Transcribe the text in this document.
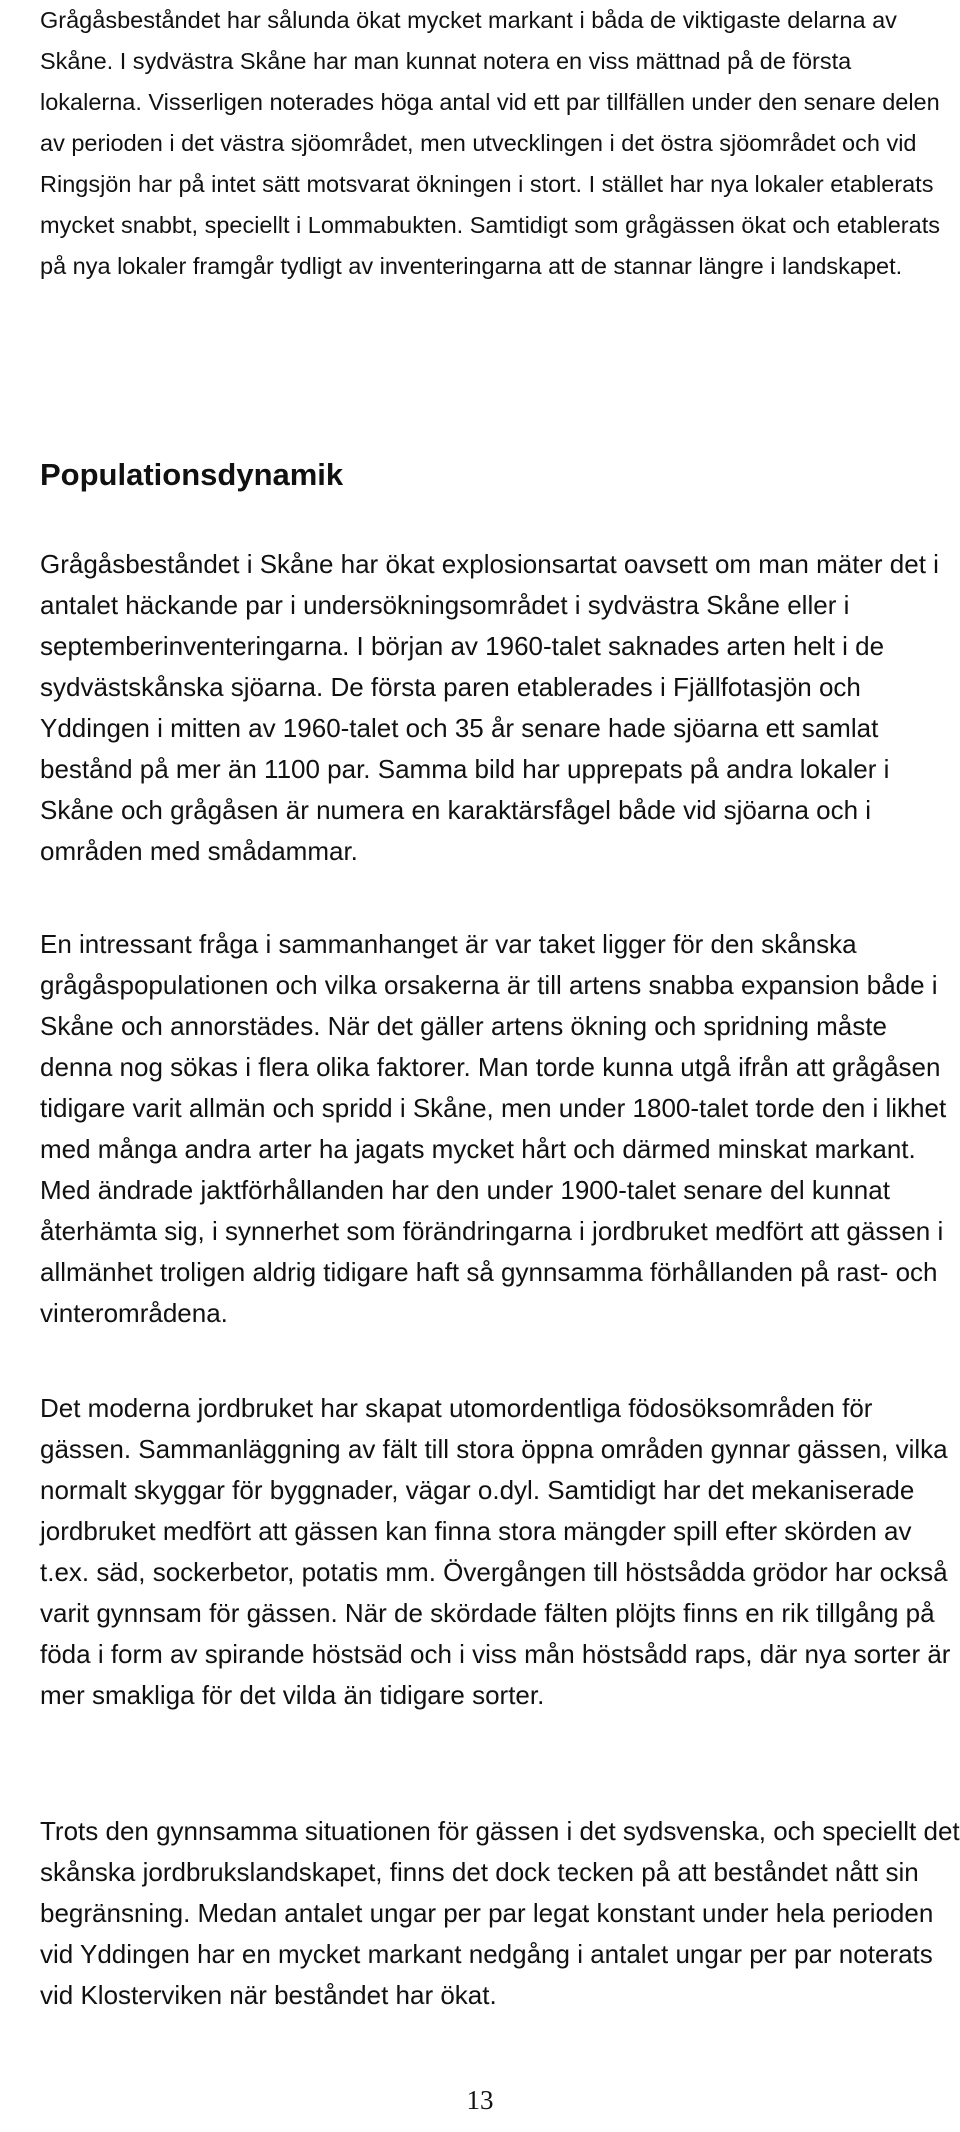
Grågåsbeståndet har sålunda ökat mycket markant i båda de viktigaste delarna av Skåne. I sydvästra Skåne har man kunnat notera en viss mättnad på de första lokalerna. Visserligen noterades höga antal vid ett par tillfällen under den senare delen av perioden i det västra sjöområdet, men utvecklingen i det östra sjöområdet och vid Ringsjön har på intet sätt motsvarat ökningen i stort. I stället har nya lokaler etablerats mycket snabbt, speciellt i Lommabukten. Samtidigt som grågässen ökat och etablerats på nya lokaler framgår tydligt av inventeringarna att de stannar längre i landskapet.

Populationsdynamik

Grågåsbeståndet i Skåne har ökat explosionsartat oavsett om man mäter det i antalet häckande par i undersökningsområdet i sydvästra Skåne eller i septemberinventeringarna. I början av 1960-talet saknades arten helt i de sydvästskånska sjöarna. De första paren etablerades i Fjällfotasjön och Yddingen i mitten av 1960-talet och 35 år senare hade sjöarna ett samlat bestånd på mer än 1100 par. Samma bild har upprepats på andra lokaler i Skåne och grågåsen är numera en karaktärsfågel både vid sjöarna och i områden med smådammar.

En intressant fråga i sammanhanget är var taket ligger för den skånska grågåspopulationen och vilka orsakerna är till artens snabba expansion både i Skåne och annorstädes. När det gäller artens ökning och spridning måste denna nog sökas i flera olika faktorer. Man torde kunna utgå ifrån att grågåsen tidigare varit allmän och spridd i Skåne, men under 1800-talet torde den i likhet med många andra arter ha jagats mycket hårt och därmed minskat markant. Med ändrade jaktförhållanden har den under 1900-talet senare del kunnat återhämta sig, i synnerhet som förändringarna i jordbruket medfört att gässen i allmänhet troligen aldrig tidigare haft så gynnsamma förhållanden på rast- och vinterområdena.

Det moderna jordbruket har skapat utomordentliga födosöksområden för gässen. Sammanläggning av fält till stora öppna områden gynnar gässen, vilka normalt skyggar för byggnader, vägar o.dyl. Samtidigt har det mekaniserade jordbruket medfört att gässen kan finna stora mängder spill efter skörden av t.ex. säd, sockerbetor, potatis mm. Övergången till höstsådda grödor har också varit gynnsam för gässen. När de skördade fälten plöjts finns en rik tillgång på föda i form av spirande höstsäd och i viss mån höstsådd raps, där nya sorter är mer smakliga för det vilda än tidigare sorter.

Trots den gynnsamma situationen för gässen i det sydsvenska, och speciellt det skånska jordbrukslandskapet, finns det dock tecken på att beståndet nått sin begränsning. Medan antalet ungar per par legat konstant under hela perioden vid Yddingen har en mycket markant nedgång i antalet ungar per par noterats vid Klosterviken när beståndet har ökat.

13
